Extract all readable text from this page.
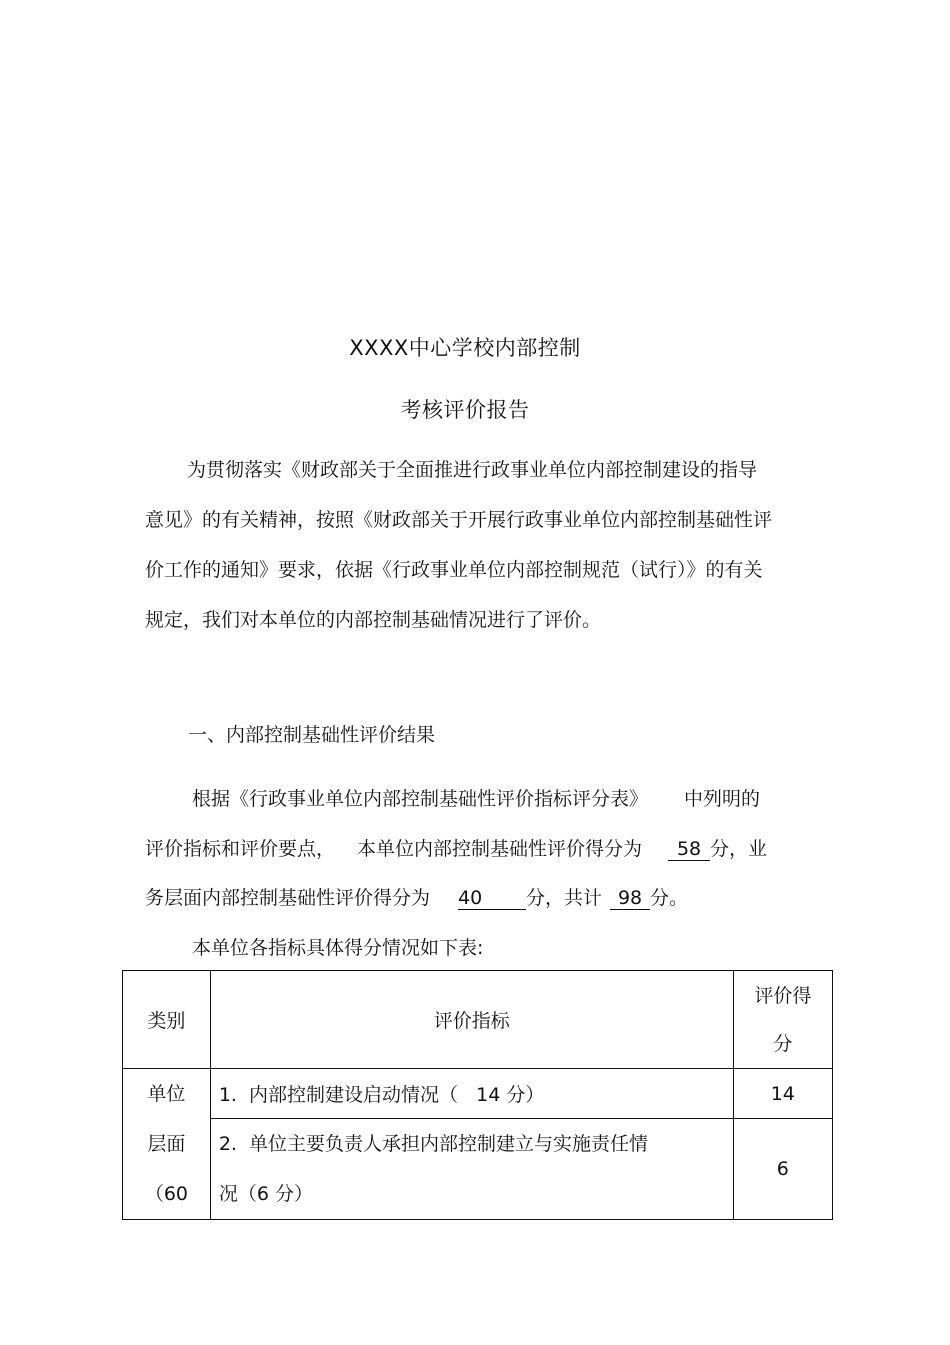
XXXX中心学校内部控制
考核评价报告
为贯彻落实《财政部关于全面推进行政事业单位内部控制建设的指导意见》的有关精神，按照《财政部关于开展行政事业单位内部控制基础性评价工作的通知》要求，依据《行政事业单位内部控制规范（试行）》的有关规定，我们对本单位的内部控制基础情况进行了评价。
一、内部控制基础性评价结果
根据《行政事业单位内部控制基础性评价指标评分表》 中列明的
评价指标和评价要点， 本单位内部控制基础性评价得分为 58 分，业
务层面内部控制基础性评价得分为 40 分，共计 98 分。
本单位各指标具体得分情况如下表:
类别	评价指标	评价得
分

单位
层面
（60	1.  内部控制建设启动情况（   14 分）	14

	2.  单位主要负责人承担内部控制建立与实施责任情
况（6 分）	6
